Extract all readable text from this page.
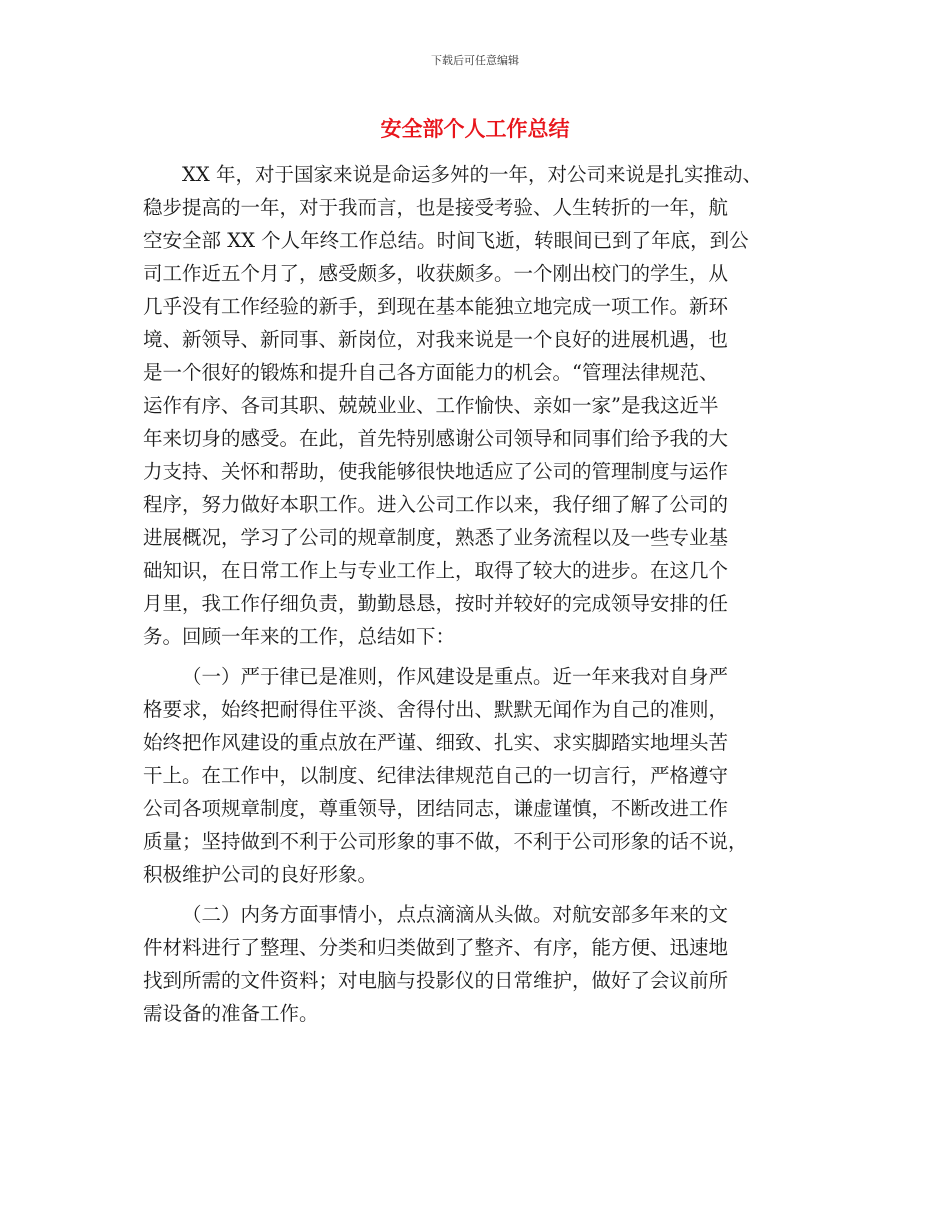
下载后可任意编辑
安全部个人工作总结
XX 年，对于国家来说是命运多舛的一年，对公司来说是扎实推动、
稳步提高的一年，对于我而言，也是接受考验、人生转折的一年，航
空安全部 XX 个人年终工作总结。时间飞逝，转眼间已到了年底，到公
司工作近五个月了，感受颇多，收获颇多。一个刚出校门的学生，从
几乎没有工作经验的新手，到现在基本能独立地完成一项工作。新环
境、新领导、新同事、新岗位，对我来说是一个良好的进展机遇，也
是一个很好的锻炼和提升自己各方面能力的机会。“管理法律规范、
运作有序、各司其职、兢兢业业、工作愉快、亲如一家”是我这近半
年来切身的感受。在此，首先特别感谢公司领导和同事们给予我的大
力支持、关怀和帮助，使我能够很快地适应了公司的管理制度与运作
程序，努力做好本职工作。进入公司工作以来，我仔细了解了公司的
进展概况，学习了公司的规章制度，熟悉了业务流程以及一些专业基
础知识，在日常工作上与专业工作上，取得了较大的进步。在这几个
月里，我工作仔细负责，勤勤恳恳，按时并较好的完成领导安排的任
务。回顾一年来的工作，总结如下：
（一）严于律已是准则，作风建设是重点。近一年来我对自身严
格要求，始终把耐得住平淡、舍得付出、默默无闻作为自己的准则，
始终把作风建设的重点放在严谨、细致、扎实、求实脚踏实地埋头苦
干上。在工作中，以制度、纪律法律规范自己的一切言行，严格遵守
公司各项规章制度，尊重领导，团结同志，谦虚谨慎，不断改进工作
质量；坚持做到不利于公司形象的事不做，不利于公司形象的话不说，
积极维护公司的良好形象。
（二）内务方面事情小，点点滴滴从头做。对航安部多年来的文
件材料进行了整理、分类和归类做到了整齐、有序，能方便、迅速地
找到所需的文件资料；对电脑与投影仪的日常维护，做好了会议前所
需设备的准备工作。
